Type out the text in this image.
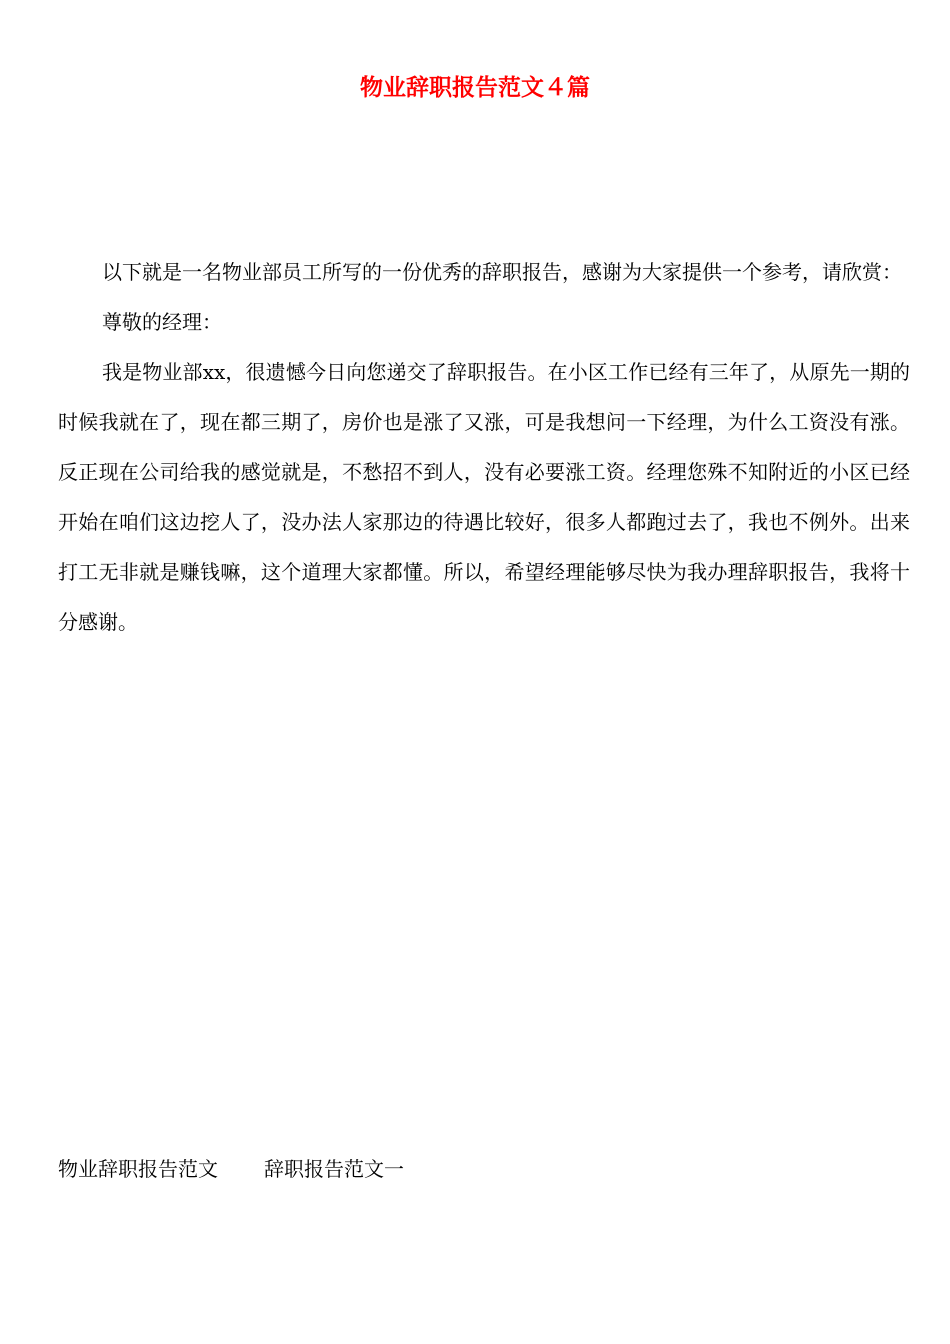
物业辞职报告范文４篇

以下就是一名物业部员工所写的一份优秀的辞职报告，感谢为大家提供一个参考，请欣赏：

尊敬的经理：

我是物业部xx，很遗憾今日向您递交了辞职报告。在小区工作已经有三年了，从原先一期的时候我就在了，现在都三期了，房价也是涨了又涨，可是我想问一下经理，为什么工资没有涨。反正现在公司给我的感觉就是，不愁招不到人，没有必要涨工资。经理您殊不知附近的小区已经开始在咱们这边挖人了，没办法人家那边的待遇比较好，很多人都跑过去了，我也不例外。出来打工无非就是赚钱嘛，这个道理大家都懂。所以，希望经理能够尽快为我办理辞职报告，我将十分感谢。

物业辞职报告范文 辞职报告范文一
